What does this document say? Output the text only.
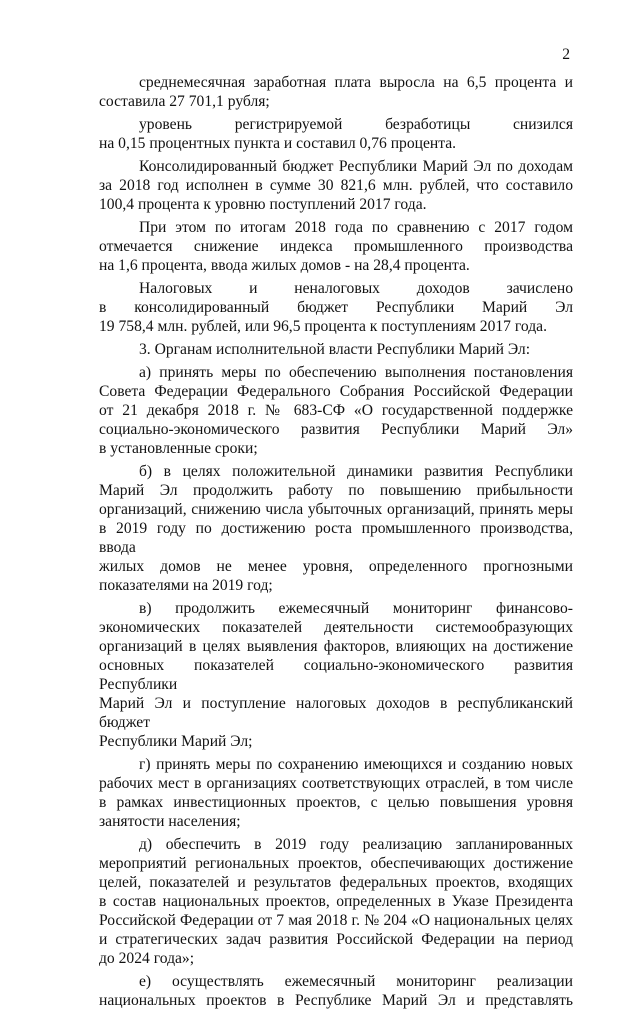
2
среднемесячная заработная плата выросла на 6,5 процента и
составила 27 701,1 рубля;
уровень регистрируемой безработицы снизился
на 0,15 процентных пункта и составил 0,76 процента.
Консолидированный бюджет Республики Марий Эл по доходам
за 2018 год исполнен в сумме 30 821,6 млн. рублей, что составило
100,4 процента к уровню поступлений 2017 года.
При этом по итогам 2018 года по сравнению с 2017 годом
отмечается снижение индекса промышленного производства
на 1,6 процента, ввода жилых домов - на 28,4 процента.
Налоговых и неналоговых доходов зачислено
в консолидированный бюджет Республики Марий Эл
19 758,4 млн. рублей, или 96,5 процента к поступлениям 2017 года.
3. Органам исполнительной власти Республики Марий Эл:
а) принять меры по обеспечению выполнения постановления
Совета Федерации Федерального Собрания Российской Федерации
от 21 декабря 2018 г. № 683-СФ «О государственной поддержке
социально-экономического развития Республики Марий Эл»
в установленные сроки;
б) в целях положительной динамики развития Республики
Марий Эл продолжить работу по повышению прибыльности
организаций, снижению числа убыточных организаций, принять меры
в 2019 году по достижению роста промышленного производства, ввода
жилых домов не менее уровня, определенного прогнозными
показателями на 2019 год;
в) продолжить ежемесячный мониторинг финансово-
экономических показателей деятельности системообразующих
организаций в целях выявления факторов, влияющих на достижение
основных показателей социально-экономического развития Республики
Марий Эл и поступление налоговых доходов в республиканский бюджет
Республики Марий Эл;
г) принять меры по сохранению имеющихся и созданию новых
рабочих мест в организациях соответствующих отраслей, в том числе
в рамках инвестиционных проектов, с целью повышения уровня
занятости населения;
д) обеспечить в 2019 году реализацию запланированных
мероприятий региональных проектов, обеспечивающих достижение
целей, показателей и результатов федеральных проектов, входящих
в состав национальных проектов, определенных в Указе Президента
Российской Федерации от 7 мая 2018 г. № 204 «О национальных целях
и стратегических задач развития Российской Федерации на период
до 2024 года»;
е) осуществлять ежемесячный мониторинг реализации
национальных проектов в Республике Марий Эл и представлять
